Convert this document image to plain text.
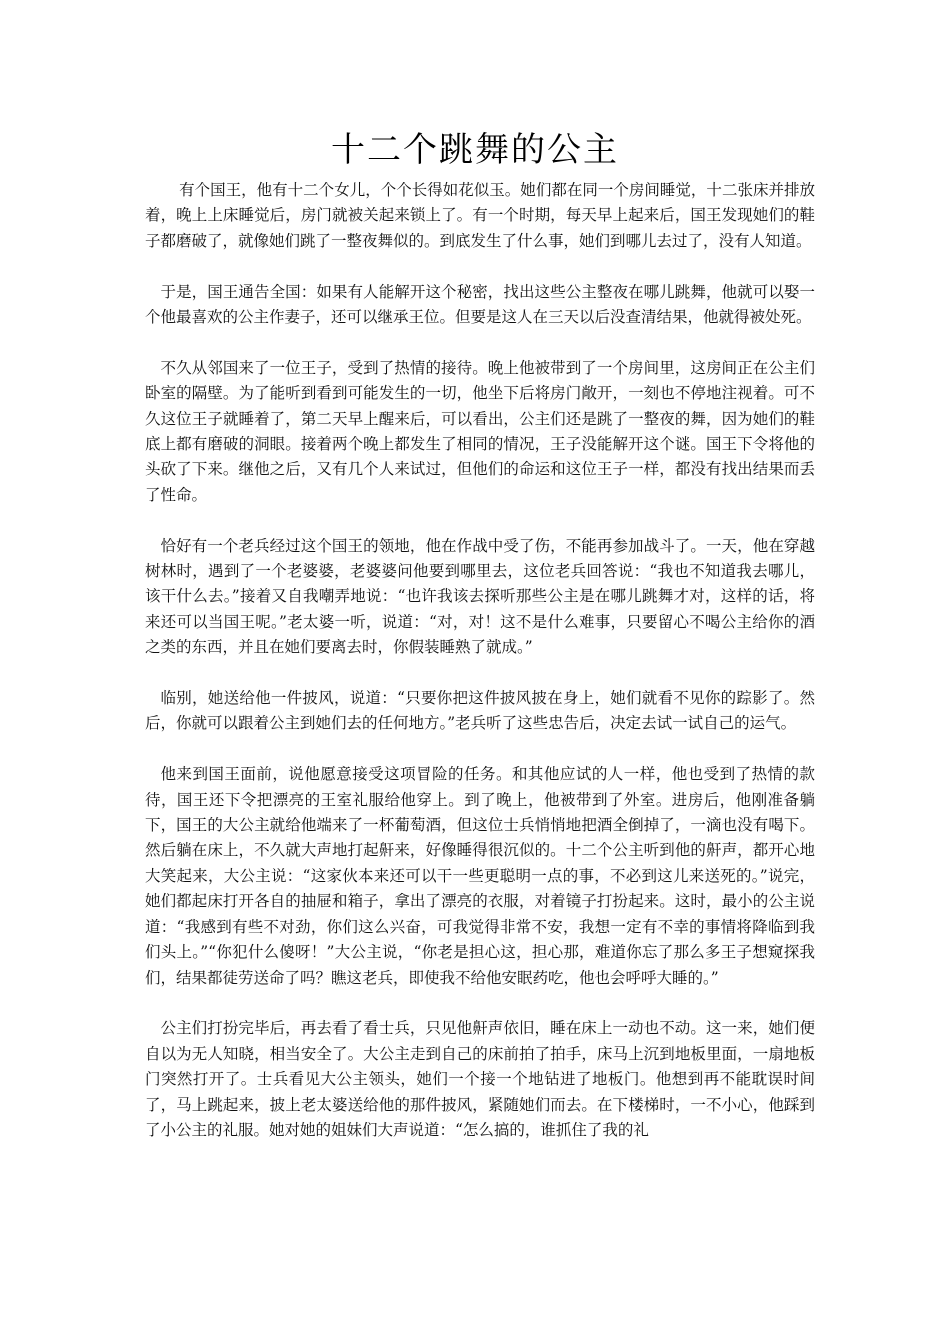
十二个跳舞的公主

有个国王，他有十二个女儿，个个长得如花似玉。她们都在同一个房间睡觉，十二张床并排放着，晚上上床睡觉后，房门就被关起来锁上了。有一个时期，每天早上起来后，国王发现她们的鞋子都磨破了，就像她们跳了一整夜舞似的。到底发生了什么事，她们到哪儿去过了，没有人知道。

于是，国王通告全国：如果有人能解开这个秘密，找出这些公主整夜在哪儿跳舞，他就可以娶一个他最喜欢的公主作妻子，还可以继承王位。但要是这人在三天以后没查清结果，他就得被处死。

不久从邻国来了一位王子，受到了热情的接待。晚上他被带到了一个房间里，这房间正在公主们卧室的隔壁。为了能听到看到可能发生的一切，他坐下后将房门敞开，一刻也不停地注视着。可不久这位王子就睡着了，第二天早上醒来后，可以看出，公主们还是跳了一整夜的舞，因为她们的鞋底上都有磨破的洞眼。接着两个晚上都发生了相同的情况，王子没能解开这个谜。国王下令将他的头砍了下来。继他之后，又有几个人来试过，但他们的命运和这位王子一样，都没有找出结果而丢了性命。

恰好有一个老兵经过这个国王的领地，他在作战中受了伤，不能再参加战斗了。一天，他在穿越树林时，遇到了一个老婆婆，老婆婆问他要到哪里去，这位老兵回答说：“我也不知道我去哪儿，该干什么去。”接着又自我嘲弄地说：“也许我该去探听那些公主是在哪儿跳舞才对，这样的话，将来还可以当国王呢。”老太婆一听，说道：“对，对！这不是什么难事，只要留心不喝公主给你的酒之类的东西，并且在她们要离去时，你假装睡熟了就成。”

临别，她送给他一件披风，说道：“只要你把这件披风披在身上，她们就看不见你的踪影了。然后，你就可以跟着公主到她们去的任何地方。”老兵听了这些忠告后，决定去试一试自己的运气。

他来到国王面前，说他愿意接受这项冒险的任务。和其他应试的人一样，他也受到了热情的款待，国王还下令把漂亮的王室礼服给他穿上。到了晚上，他被带到了外室。进房后，他刚准备躺下，国王的大公主就给他端来了一杯葡萄酒，但这位士兵悄悄地把酒全倒掉了，一滴也没有喝下。然后躺在床上，不久就大声地打起鼾来，好像睡得很沉似的。十二个公主听到他的鼾声，都开心地大笑起来，大公主说：“这家伙本来还可以干一些更聪明一点的事，不必到这儿来送死的。”说完，她们都起床打开各自的抽屉和箱子，拿出了漂亮的衣服，对着镜子打扮起来。这时，最小的公主说道：“我感到有些不对劲，你们这么兴奋，可我觉得非常不安，我想一定有不幸的事情将降临到我们头上。”“你犯什么傻呀！”大公主说，“你老是担心这，担心那，难道你忘了那么多王子想窥探我们，结果都徒劳送命了吗？瞧这老兵，即使我不给他安眠药吃，他也会呼呼大睡的。”

公主们打扮完毕后，再去看了看士兵，只见他鼾声依旧，睡在床上一动也不动。这一来，她们便自以为无人知晓，相当安全了。大公主走到自己的床前拍了拍手，床马上沉到地板里面，一扇地板门突然打开了。士兵看见大公主领头，她们一个接一个地钻进了地板门。他想到再不能耽误时间了，马上跳起来，披上老太婆送给他的那件披风，紧随她们而去。在下楼梯时，一不小心，他踩到了小公主的礼服。她对她的姐妹们大声说道：“怎么搞的，谁抓住了我的礼
